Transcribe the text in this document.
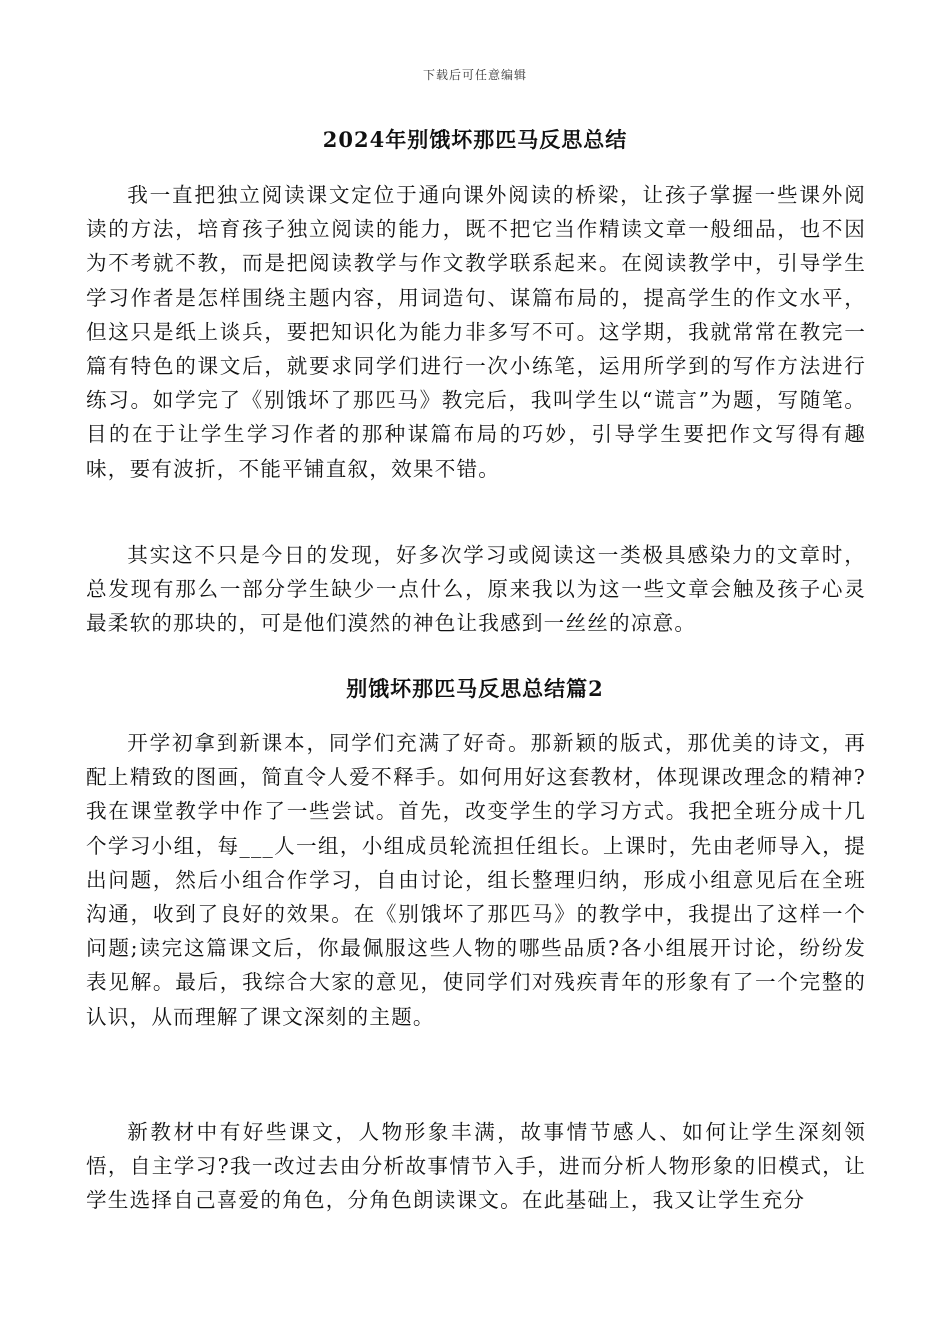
下载后可任意编辑
2024年别饿坏那匹马反思总结

我一直把独立阅读课文定位于通向课外阅读的桥梁，让孩子掌握一些课外阅读的方法，培育孩子独立阅读的能力，既不把它当作精读文章一般细品，也不因为不考就不教，而是把阅读教学与作文教学联系起来。在阅读教学中，引导学生学习作者是怎样围绕主题内容，用词造句、谋篇布局的，提高学生的作文水平，但这只是纸上谈兵，要把知识化为能力非多写不可。这学期，我就常常在教完一篇有特色的课文后，就要求同学们进行一次小练笔，运用所学到的写作方法进行练习。如学完了《别饿坏了那匹马》教完后，我叫学生以“谎言”为题，写随笔。目的在于让学生学习作者的那种谋篇布局的巧妙，引导学生要把作文写得有趣味，要有波折，不能平铺直叙，效果不错。

其实这不只是今日的发现，好多次学习或阅读这一类极具感染力的文章时，总发现有那么一部分学生缺少一点什么，原来我以为这一些文章会触及孩子心灵最柔软的那块的，可是他们漠然的神色让我感到一丝丝的凉意。

别饿坏那匹马反思总结篇2

开学初拿到新课本，同学们充满了好奇。那新颖的版式，那优美的诗文，再配上精致的图画，简直令人爱不释手。如何用好这套教材，体现课改理念的精神?我在课堂教学中作了一些尝试。首先，改变学生的学习方式。我把全班分成十几个学习小组，每___人一组，小组成员轮流担任组长。上课时，先由老师导入，提出问题，然后小组合作学习，自由讨论，组长整理归纳，形成小组意见后在全班沟通，收到了良好的效果。在《别饿坏了那匹马》的教学中，我提出了这样一个问题;读完这篇课文后，你最佩服这些人物的哪些品质?各小组展开讨论，纷纷发表见解。最后，我综合大家的意见，使同学们对残疾青年的形象有了一个完整的认识，从而理解了课文深刻的主题。

新教材中有好些课文，人物形象丰满，故事情节感人、如何让学生深刻领悟，自主学习?我一改过去由分析故事情节入手，进而分析人物形象的旧模式，让学生选择自己喜爱的角色，分角色朗读课文。在此基础上，我又让学生充分
